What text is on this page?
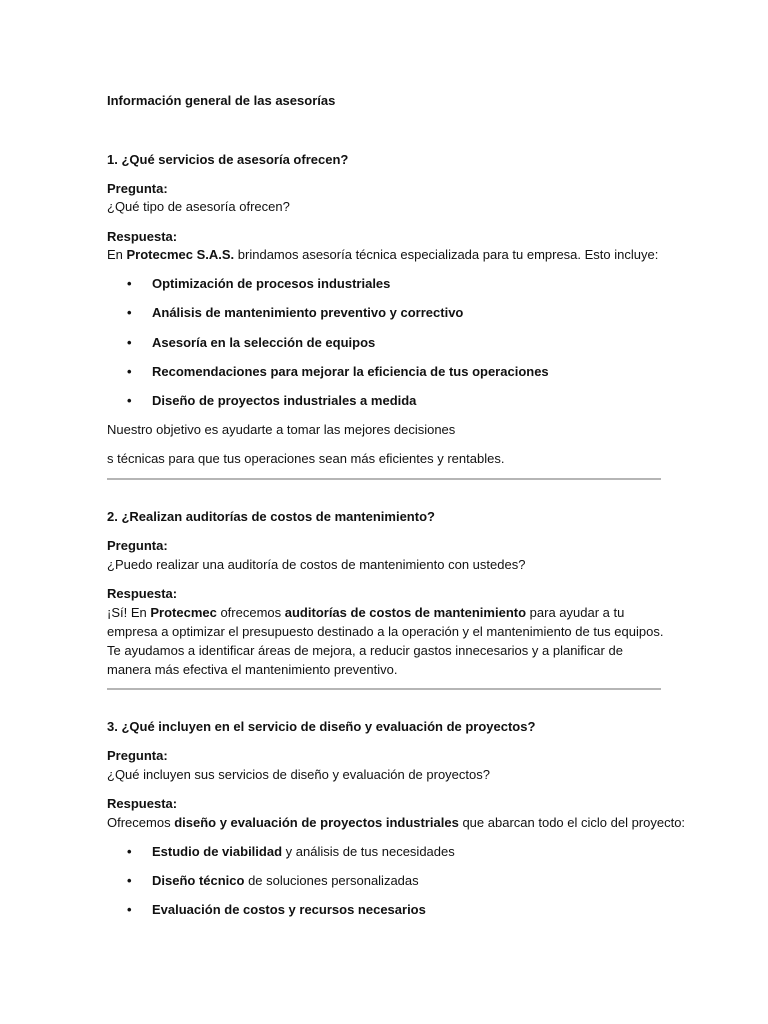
Información general de las asesorías
1. ¿Qué servicios de asesoría ofrecen?
Pregunta:
¿Qué tipo de asesoría ofrecen?
Respuesta:
En Protecmec S.A.S. brindamos asesoría técnica especializada para tu empresa. Esto incluye:
• Optimización de procesos industriales
• Análisis de mantenimiento preventivo y correctivo
• Asesoría en la selección de equipos
• Recomendaciones para mejorar la eficiencia de tus operaciones
• Diseño de proyectos industriales a medida
Nuestro objetivo es ayudarte a tomar las mejores decisiones
s técnicas para que tus operaciones sean más eficientes y rentables.
2. ¿Realizan auditorías de costos de mantenimiento?
Pregunta:
¿Puedo realizar una auditoría de costos de mantenimiento con ustedes?
Respuesta:
¡Sí! En Protecmec ofrecemos auditorías de costos de mantenimiento para ayudar a tu empresa a optimizar el presupuesto destinado a la operación y el mantenimiento de tus equipos. Te ayudamos a identificar áreas de mejora, a reducir gastos innecesarios y a planificar de manera más efectiva el mantenimiento preventivo.
3. ¿Qué incluyen en el servicio de diseño y evaluación de proyectos?
Pregunta:
¿Qué incluyen sus servicios de diseño y evaluación de proyectos?
Respuesta:
Ofrecemos diseño y evaluación de proyectos industriales que abarcan todo el ciclo del proyecto:
• Estudio de viabilidad y análisis de tus necesidades
• Diseño técnico de soluciones personalizadas
• Evaluación de costos y recursos necesarios
